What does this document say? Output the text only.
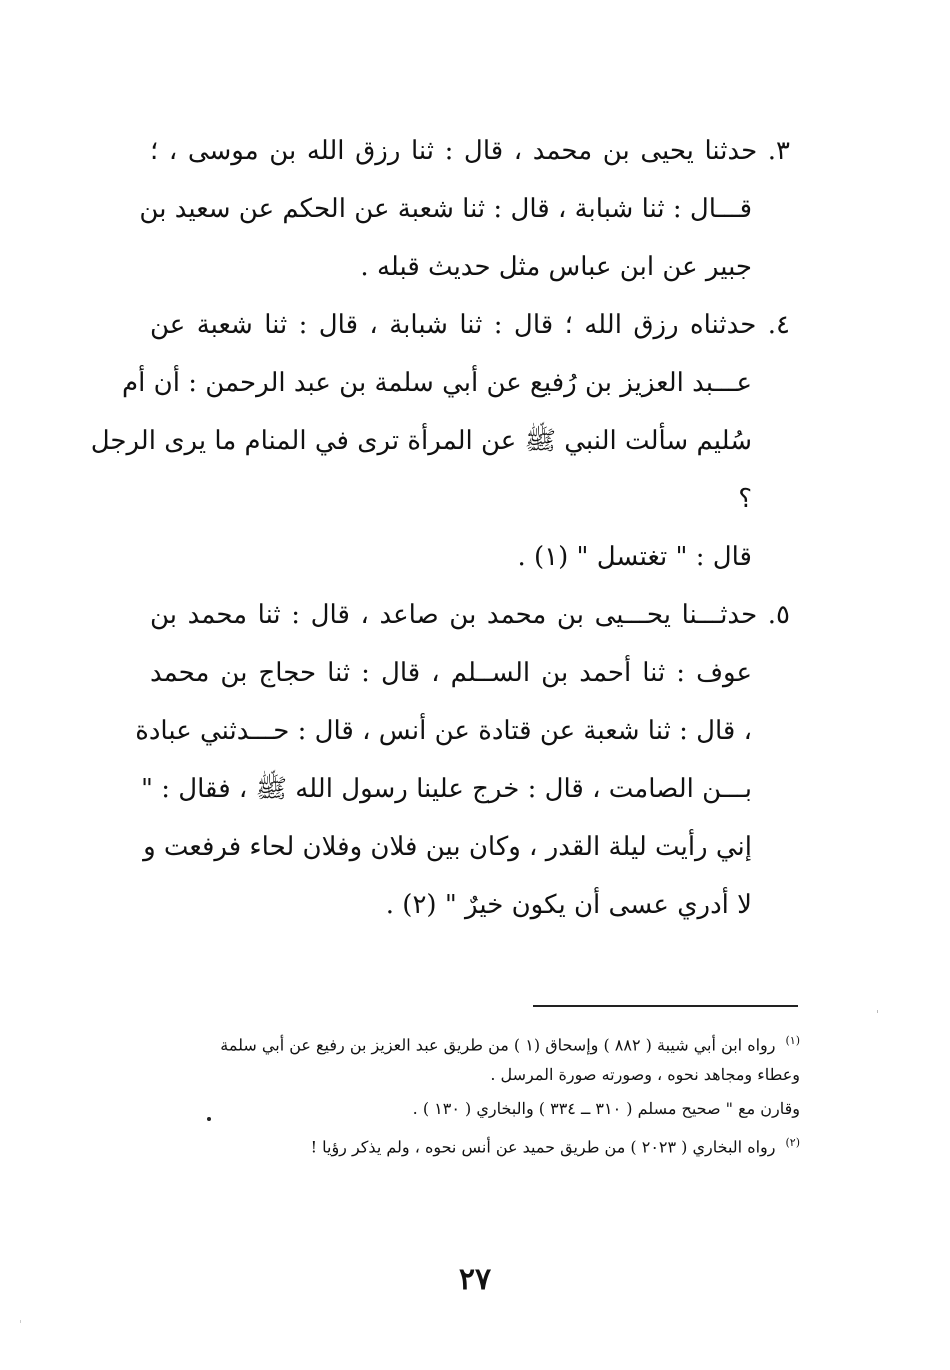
٣. حدثنا يحيى بن محمد ، قال : ثنا رزق الله بن موسى ، ؛
قـــال : ثنا شبابة ، قال : ثنا شعبة عن الحكم عن سعيد بن
جبير عن ابن عباس مثل حديث قبله .
٤. حدثناه رزق الله ؛ قال : ثنا شبابة ، قال : ثنا شعبة عن
عـــبد العزيز بن رُفيع عن أبي سلمة بن عبد الرحمن : أن أم
سُليم سألت النبي ﷺ عن المرأة ترى في المنام ما يرى الرجل
؟
قال : " تغتسل " (١) .
٥. حدثـــنا يحـــيى بن محمد بن صاعد ، قال : ثنا محمد بن
عوف : ثنا أحمد بن الســلم ، قال : ثنا حجاج بن محمد
، قال : ثنا شعبة عن قتادة عن أنس ، قال : حـــدثني عبادة
بـــن الصامت ، قال : خرج علينا رسول الله ﷺ ، فقال : "
إني رأيت ليلة القدر ، وكان بين فلان وفلان لحاء فرفعت و
لا أدري عسى أن يكون خيرٌ " (٢) .
$^{(١)}$رواه ابن أبي شيبة ( ٨٨٢ ) وإسحاق (١ ) من طريق عبد العزيز بن رفيع عن أبي سلمة
وعطاء ومجاهد نحوه ، وصورته صورة المرسل .
وقارن مع " صحيح مسلم ( ٣١٠ ــ ٣٣٤ ) والبخاري ( ١٣٠ ) .
$^{(٢)}$رواه البخاري ( ٢٠٢٣ ) من طريق حميد عن أنس نحوه ، ولم يذكر رؤيا !
٢٧
